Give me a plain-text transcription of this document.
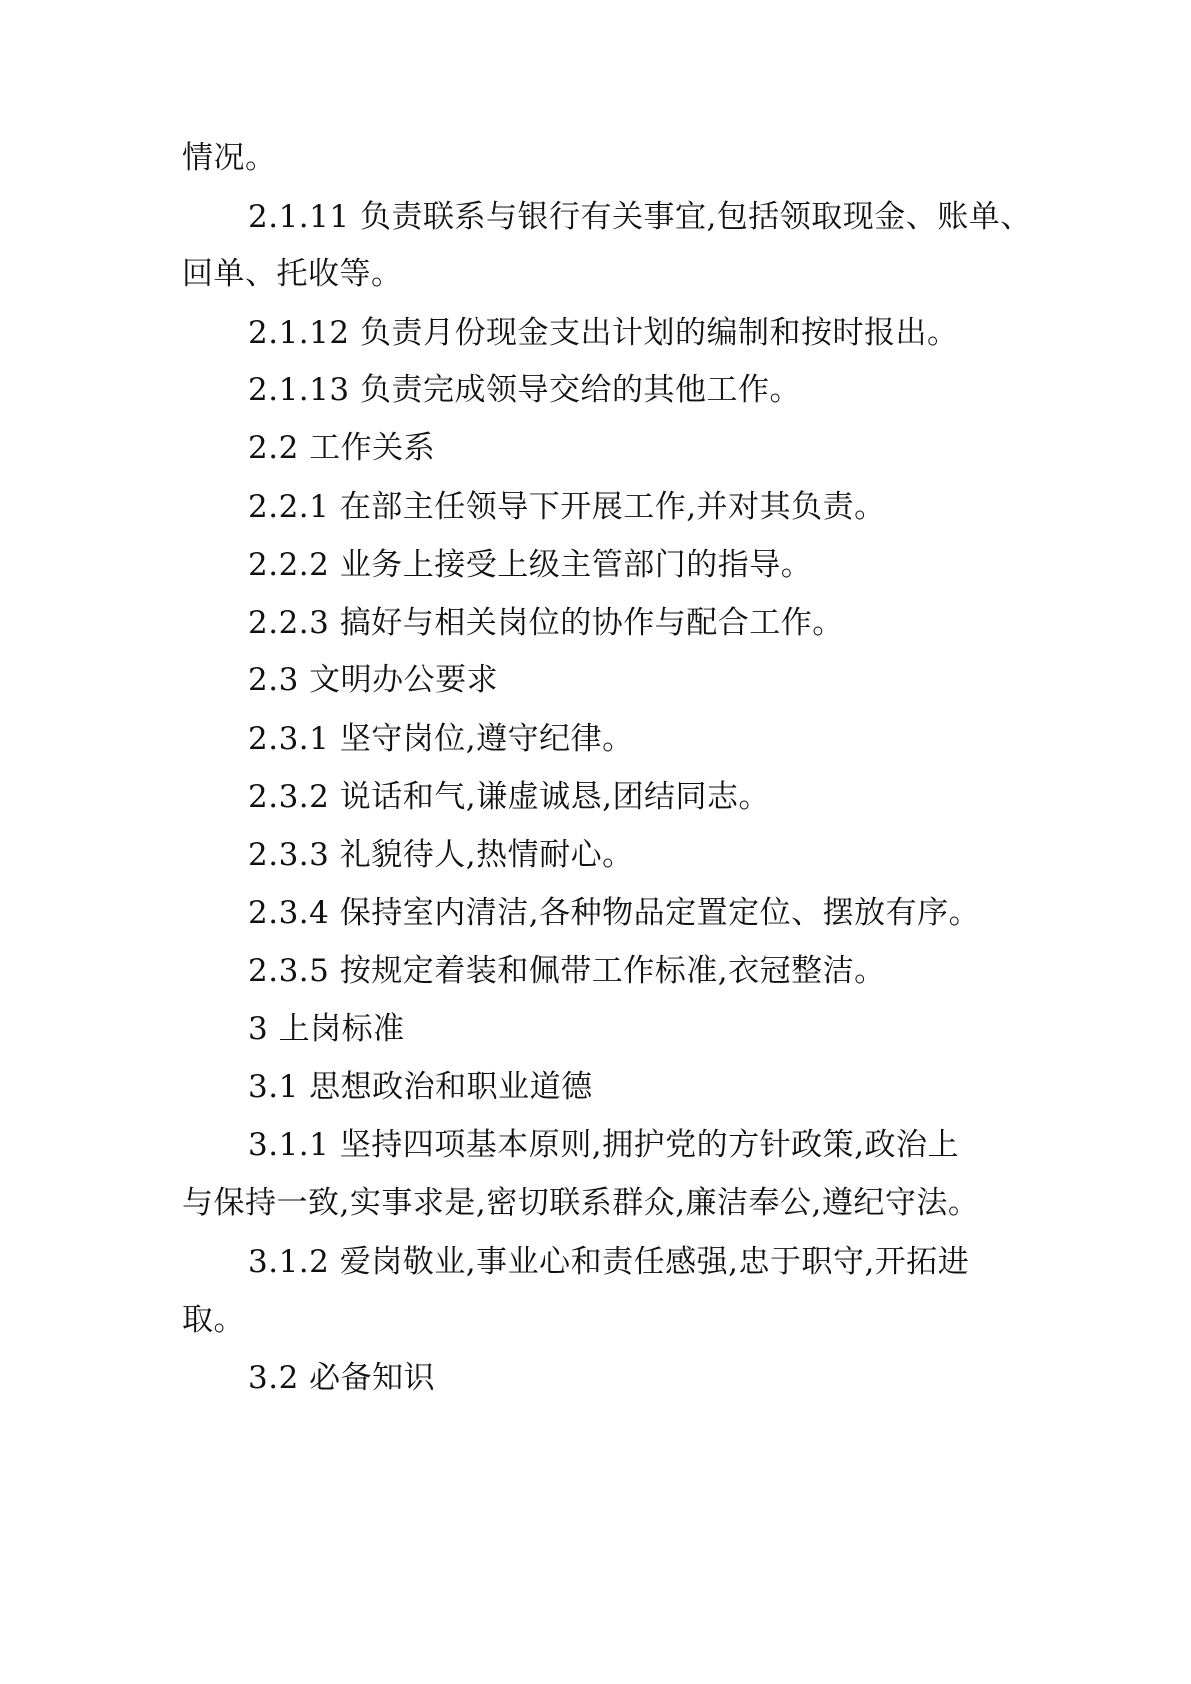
情况。
2.1.11 负责联系与银行有关事宜,包括领取现金、账单、
回单、托收等。
2.1.12 负责月份现金支出计划的编制和按时报出。
2.1.13 负责完成领导交给的其他工作。
2.2 工作关系
2.2.1 在部主任领导下开展工作,并对其负责。
2.2.2 业务上接受上级主管部门的指导。
2.2.3 搞好与相关岗位的协作与配合工作。
2.3 文明办公要求
2.3.1 坚守岗位,遵守纪律。
2.3.2 说话和气,谦虚诚恳,团结同志。
2.3.3 礼貌待人,热情耐心。
2.3.4 保持室内清洁,各种物品定置定位、摆放有序。
2.3.5 按规定着装和佩带工作标准,衣冠整洁。
3 上岗标准
3.1 思想政治和职业道德
3.1.1 坚持四项基本原则,拥护党的方针政策,政治上
与保持一致,实事求是,密切联系群众,廉洁奉公,遵纪守法。
3.1.2 爱岗敬业,事业心和责任感强,忠于职守,开拓进
取。
3.2 必备知识
